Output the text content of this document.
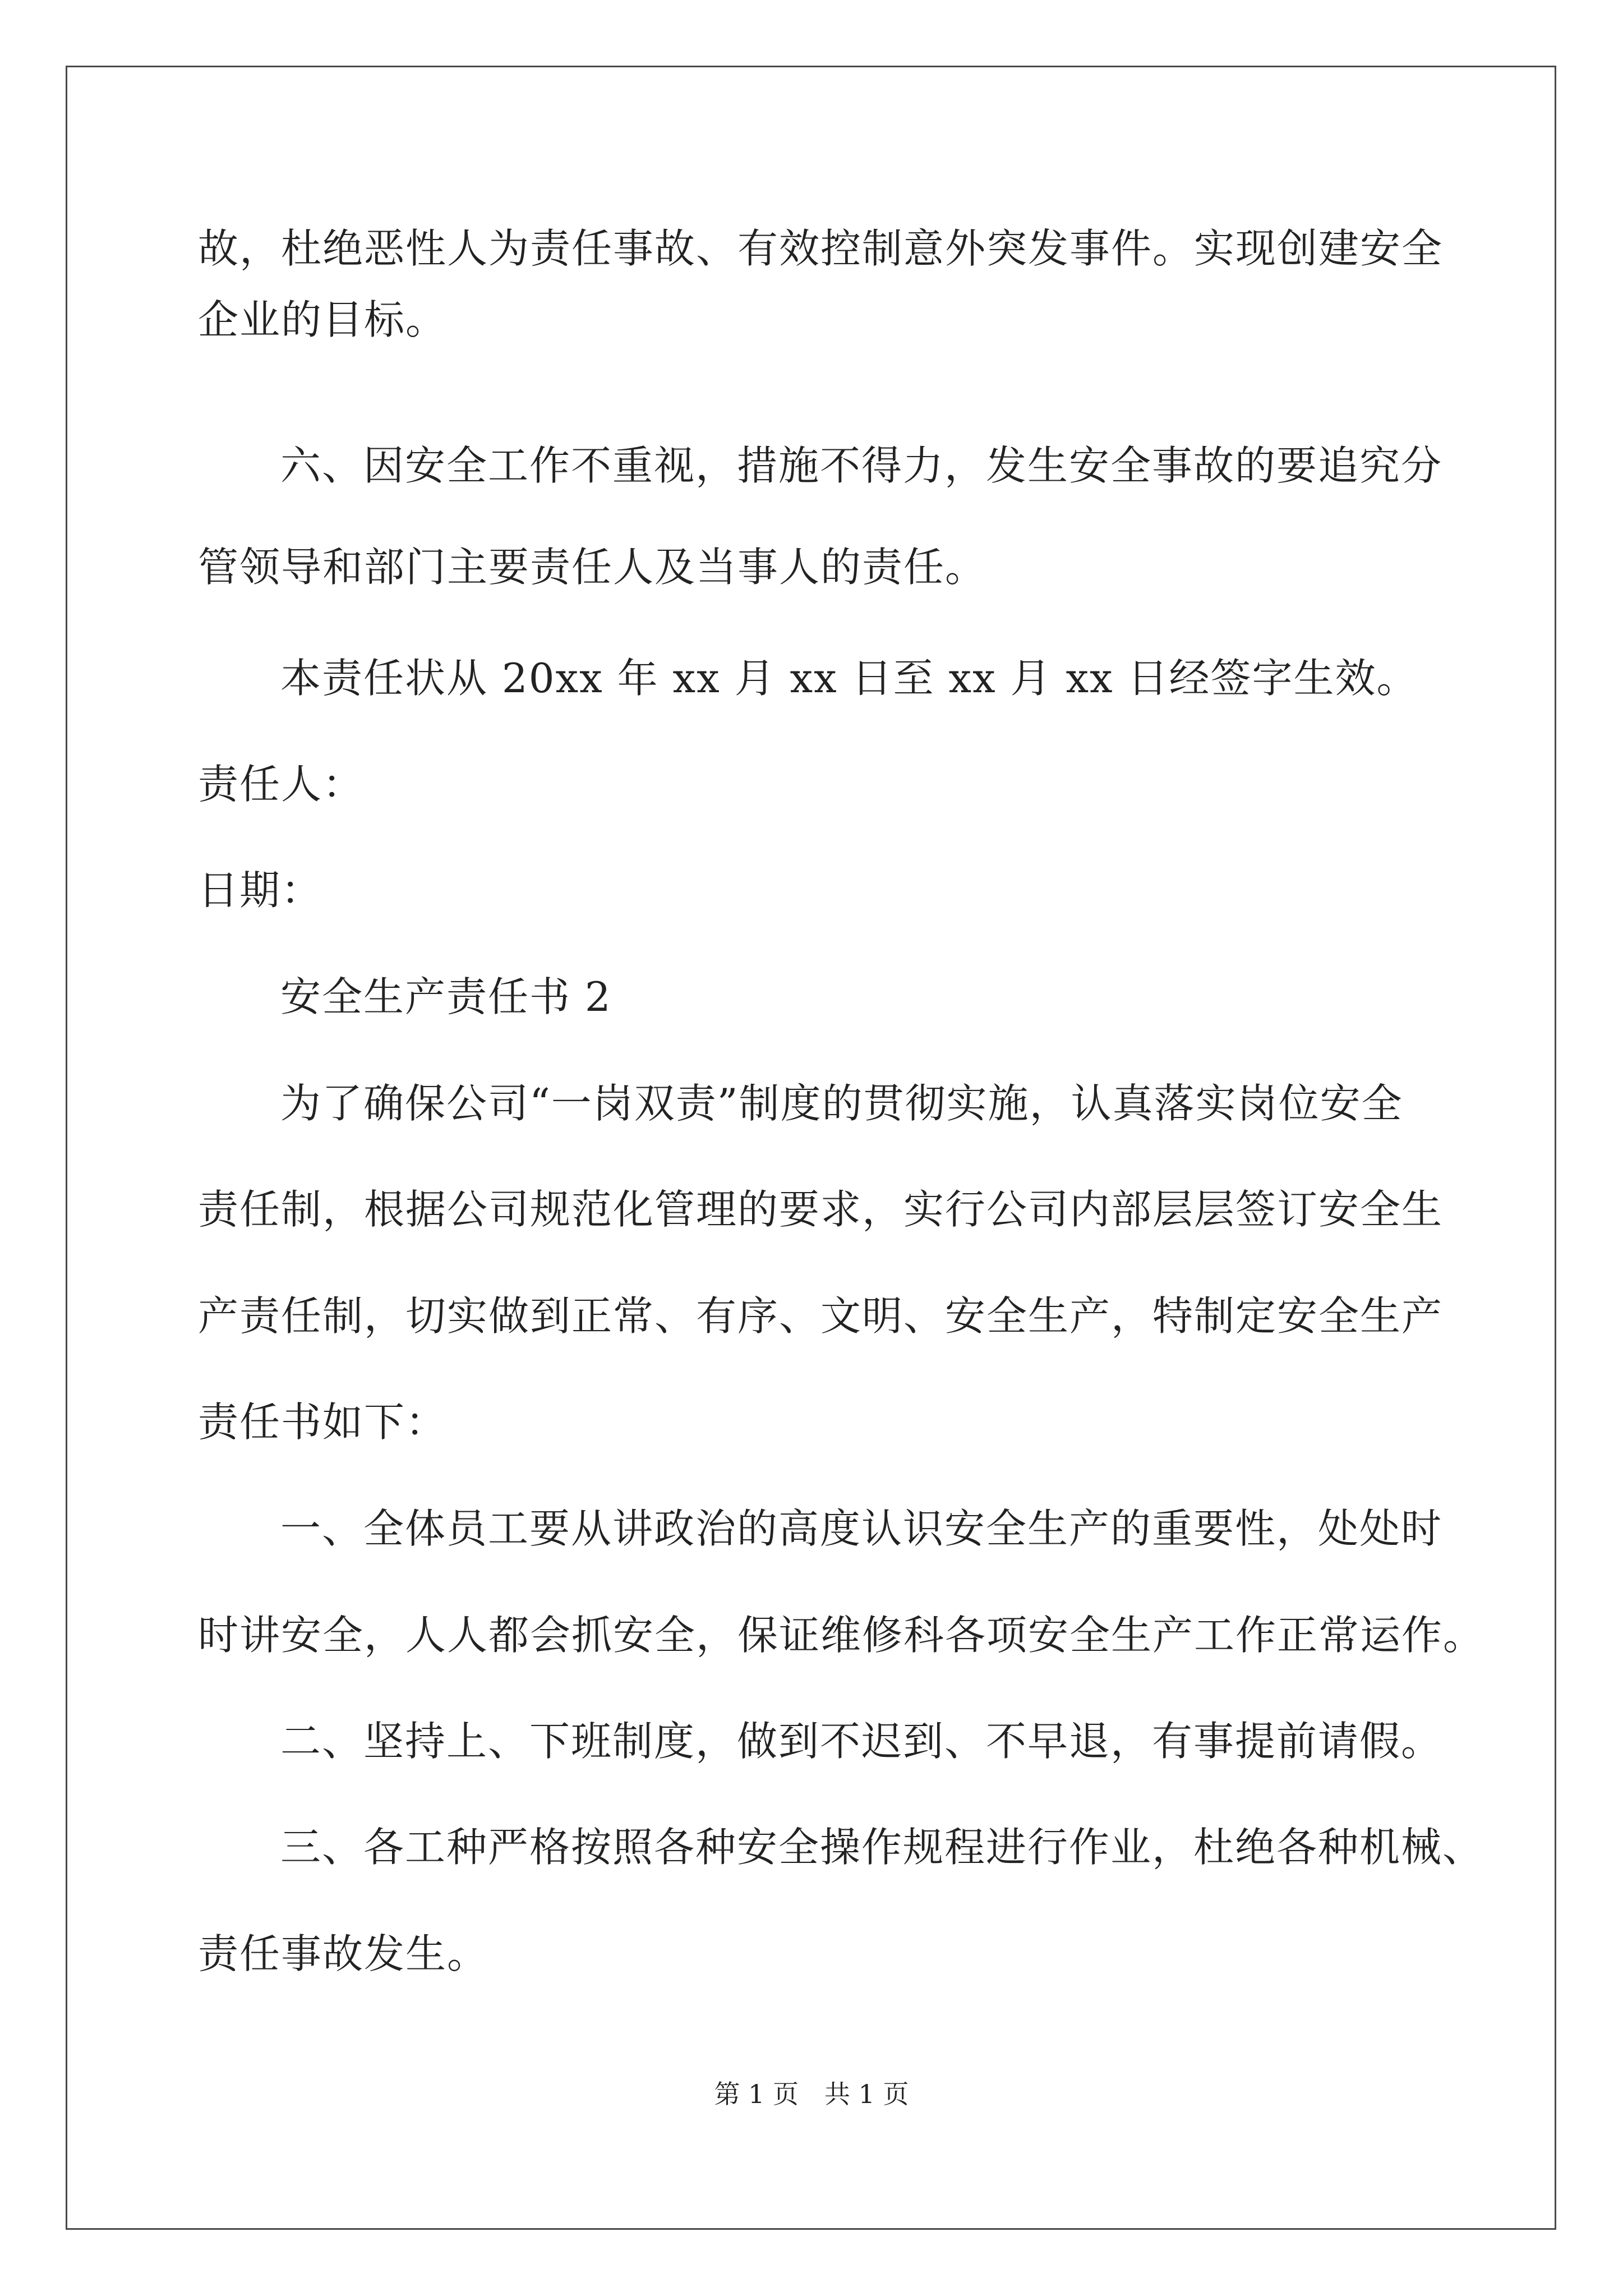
故，杜绝恶性人为责任事故、有效控制意外突发事件。实现创建安全
企业的目标。
六、因安全工作不重视，措施不得力，发生安全事故的要追究分
管领导和部门主要责任人及当事人的责任。
本责任状从 20xx 年 xx 月 xx 日至 xx 月 xx 日经签字生效。
责任人：
日期：
安全生产责任书 2
为了确保公司“一岗双责”制度的贯彻实施，认真落实岗位安全
责任制，根据公司规范化管理的要求，实行公司内部层层签订安全生
产责任制，切实做到正常、有序、文明、安全生产，特制定安全生产
责任书如下：
一、全体员工要从讲政治的高度认识安全生产的重要性，处处时
时讲安全，人人都会抓安全，保证维修科各项安全生产工作正常运作。
二、坚持上、下班制度，做到不迟到、不早退，有事提前请假。
三、各工种严格按照各种安全操作规程进行作业，杜绝各种机械、
责任事故发生。
第 1 页 共 1 页
